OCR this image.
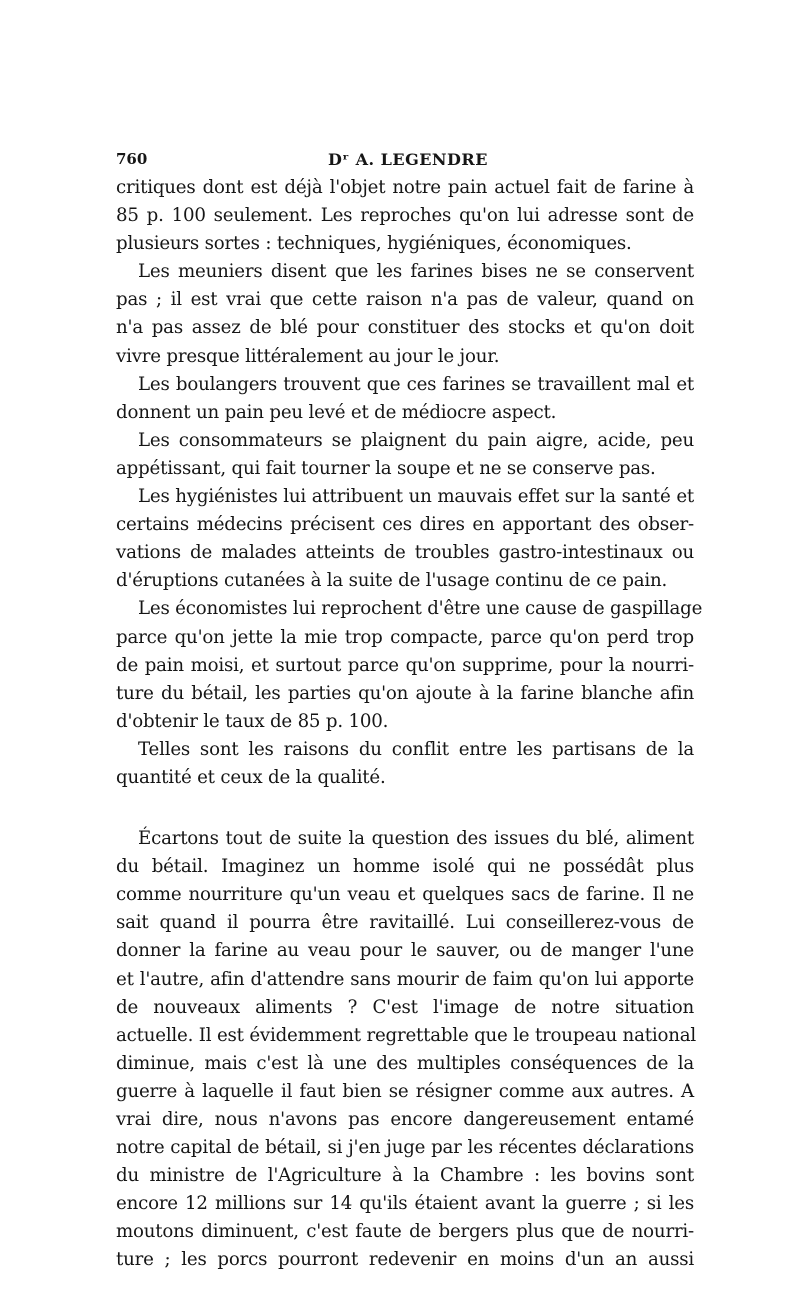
760	Dʳ A. LEGENDRE
critiques dont est déjà l'objet notre pain actuel fait de farine à
85 p. 100 seulement. Les reproches qu'on lui adresse sont de
plusieurs sortes : techniques, hygiéniques, économiques.
Les meuniers disent que les farines bises ne se conservent
pas ; il est vrai que cette raison n'a pas de valeur, quand on
n'a pas assez de blé pour constituer des stocks et qu'on doit
vivre presque littéralement au jour le jour.
Les boulangers trouvent que ces farines se travaillent mal et
donnent un pain peu levé et de médiocre aspect.
Les consommateurs se plaignent du pain aigre, acide, peu
appétissant, qui fait tourner la soupe et ne se conserve pas.
Les hygiénistes lui attribuent un mauvais effet sur la santé et
certains médecins précisent ces dires en apportant des obser-
vations de malades atteints de troubles gastro-intestinaux ou
d'éruptions cutanées à la suite de l'usage continu de ce pain.
Les économistes lui reprochent d'être une cause de gaspillage
parce qu'on jette la mie trop compacte, parce qu'on perd trop
de pain moisi, et surtout parce qu'on supprime, pour la nourri-
ture du bétail, les parties qu'on ajoute à la farine blanche afin
d'obtenir le taux de 85 p. 100.
Telles sont les raisons du conflit entre les partisans de la
quantité et ceux de la qualité.
Écartons tout de suite la question des issues du blé, aliment
du bétail. Imaginez un homme isolé qui ne possédât plus
comme nourriture qu'un veau et quelques sacs de farine. Il ne
sait quand il pourra être ravitaillé. Lui conseillerez-vous de
donner la farine au veau pour le sauver, ou de manger l'une
et l'autre, afin d'attendre sans mourir de faim qu'on lui apporte
de nouveaux aliments ? C'est l'image de notre situation
actuelle. Il est évidemment regrettable que le troupeau national
diminue, mais c'est là une des multiples conséquences de la
guerre à laquelle il faut bien se résigner comme aux autres. A
vrai dire, nous n'avons pas encore dangereusement entamé
notre capital de bétail, si j'en juge par les récentes déclarations
du ministre de l'Agriculture à la Chambre : les bovins sont
encore 12 millions sur 14 qu'ils étaient avant la guerre ; si les
moutons diminuent, c'est faute de bergers plus que de nourri-
ture ; les porcs pourront redevenir en moins d'un an aussi
